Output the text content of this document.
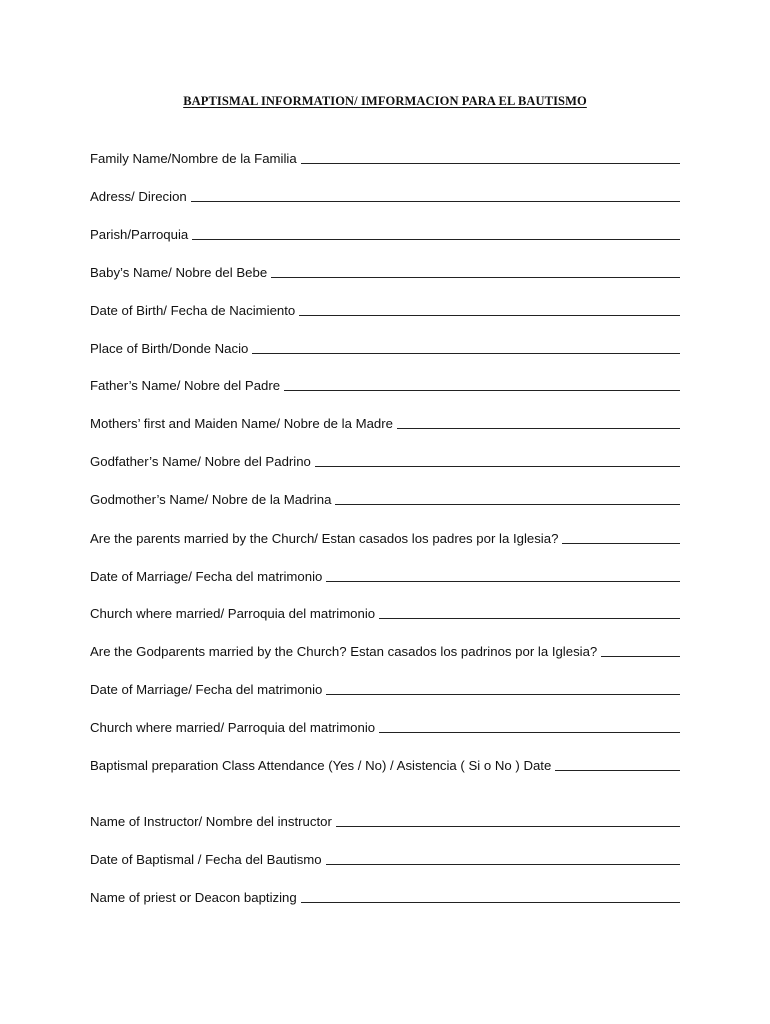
BAPTISMAL INFORMATION/ IMFORMACION PARA EL BAUTISMO
Family Name/Nombre de la Familia
Adress/ Direcion
Parish/Parroquia
Baby’s Name/ Nobre del Bebe
Date of Birth/ Fecha de Nacimiento
Place of Birth/Donde Nacio
Father’s Name/ Nobre del Padre
Mothers’ first and Maiden Name/ Nobre de la Madre
Godfather’s Name/ Nobre del Padrino
Godmother’s Name/ Nobre de la Madrina
Are the parents married by the Church/ Estan casados los padres por la Iglesia?
Date of Marriage/ Fecha del matrimonio
Church where married/ Parroquia del matrimonio
Are the Godparents married by the Church? Estan casados los padrinos por la Iglesia?
Date of Marriage/ Fecha del matrimonio
Church where married/ Parroquia del matrimonio
Baptismal preparation Class Attendance (Yes / No) / Asistencia ( Si o No ) Date
Name of Instructor/ Nombre del instructor
Date of Baptismal / Fecha del Bautismo
Name of priest or Deacon baptizing
